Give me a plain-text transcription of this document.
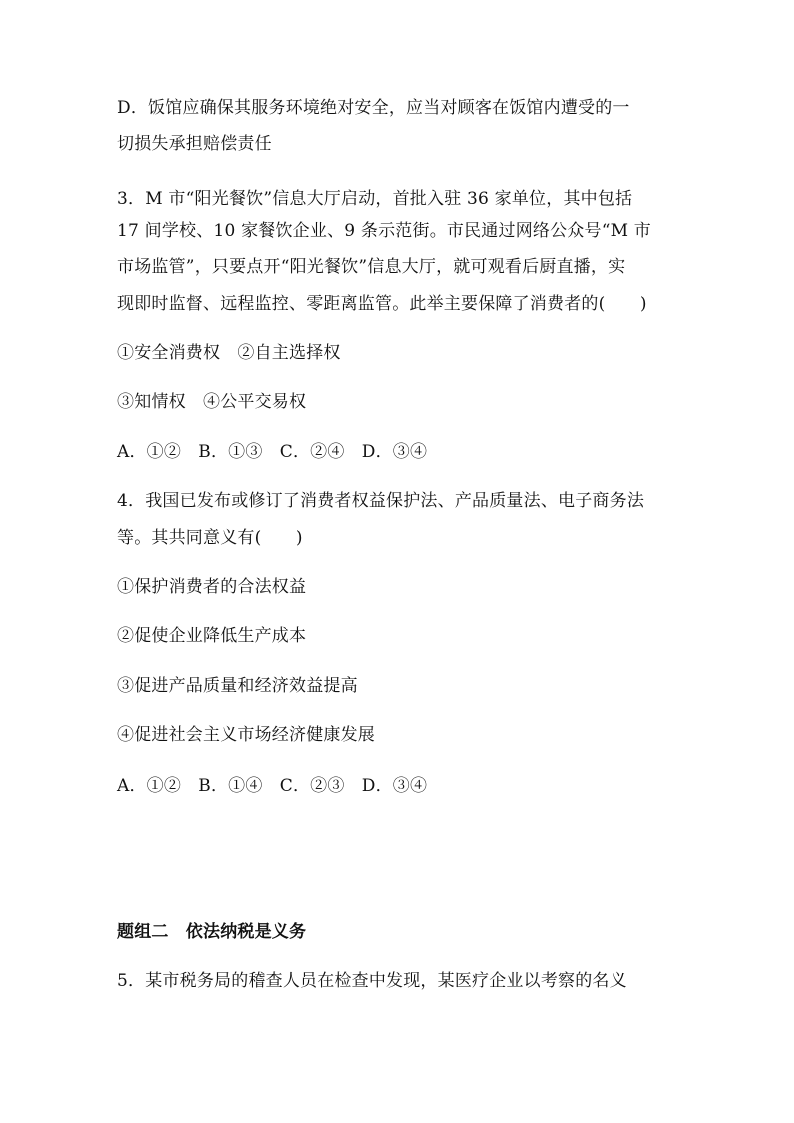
D．饭馆应确保其服务环境绝对安全，应当对顾客在饭馆内遭受的一
切损失承担赔偿责任
3．M 市“阳光餐饮”信息大厅启动，首批入驻 36 家单位，其中包括
17 间学校、10 家餐饮企业、9 条示范街。市民通过网络公众号“M 市
市场监管”，只要点开“阳光餐饮”信息大厅，就可观看后厨直播，实
现即时监督、远程监控、零距离监管。此举主要保障了消费者的(　　)
①安全消费权　②自主选择权
③知情权　④公平交易权
A．①②　B．①③　C．②④　D．③④
4．我国已发布或修订了消费者权益保护法、产品质量法、电子商务法
等。其共同意义有(　　)
①保护消费者的合法权益
②促使企业降低生产成本
③促进产品质量和经济效益提高
④促进社会主义市场经济健康发展
A．①②　B．①④　C．②③　D．③④
题组二　依法纳税是义务
5．某市税务局的稽查人员在检查中发现，某医疗企业以考察的名义
